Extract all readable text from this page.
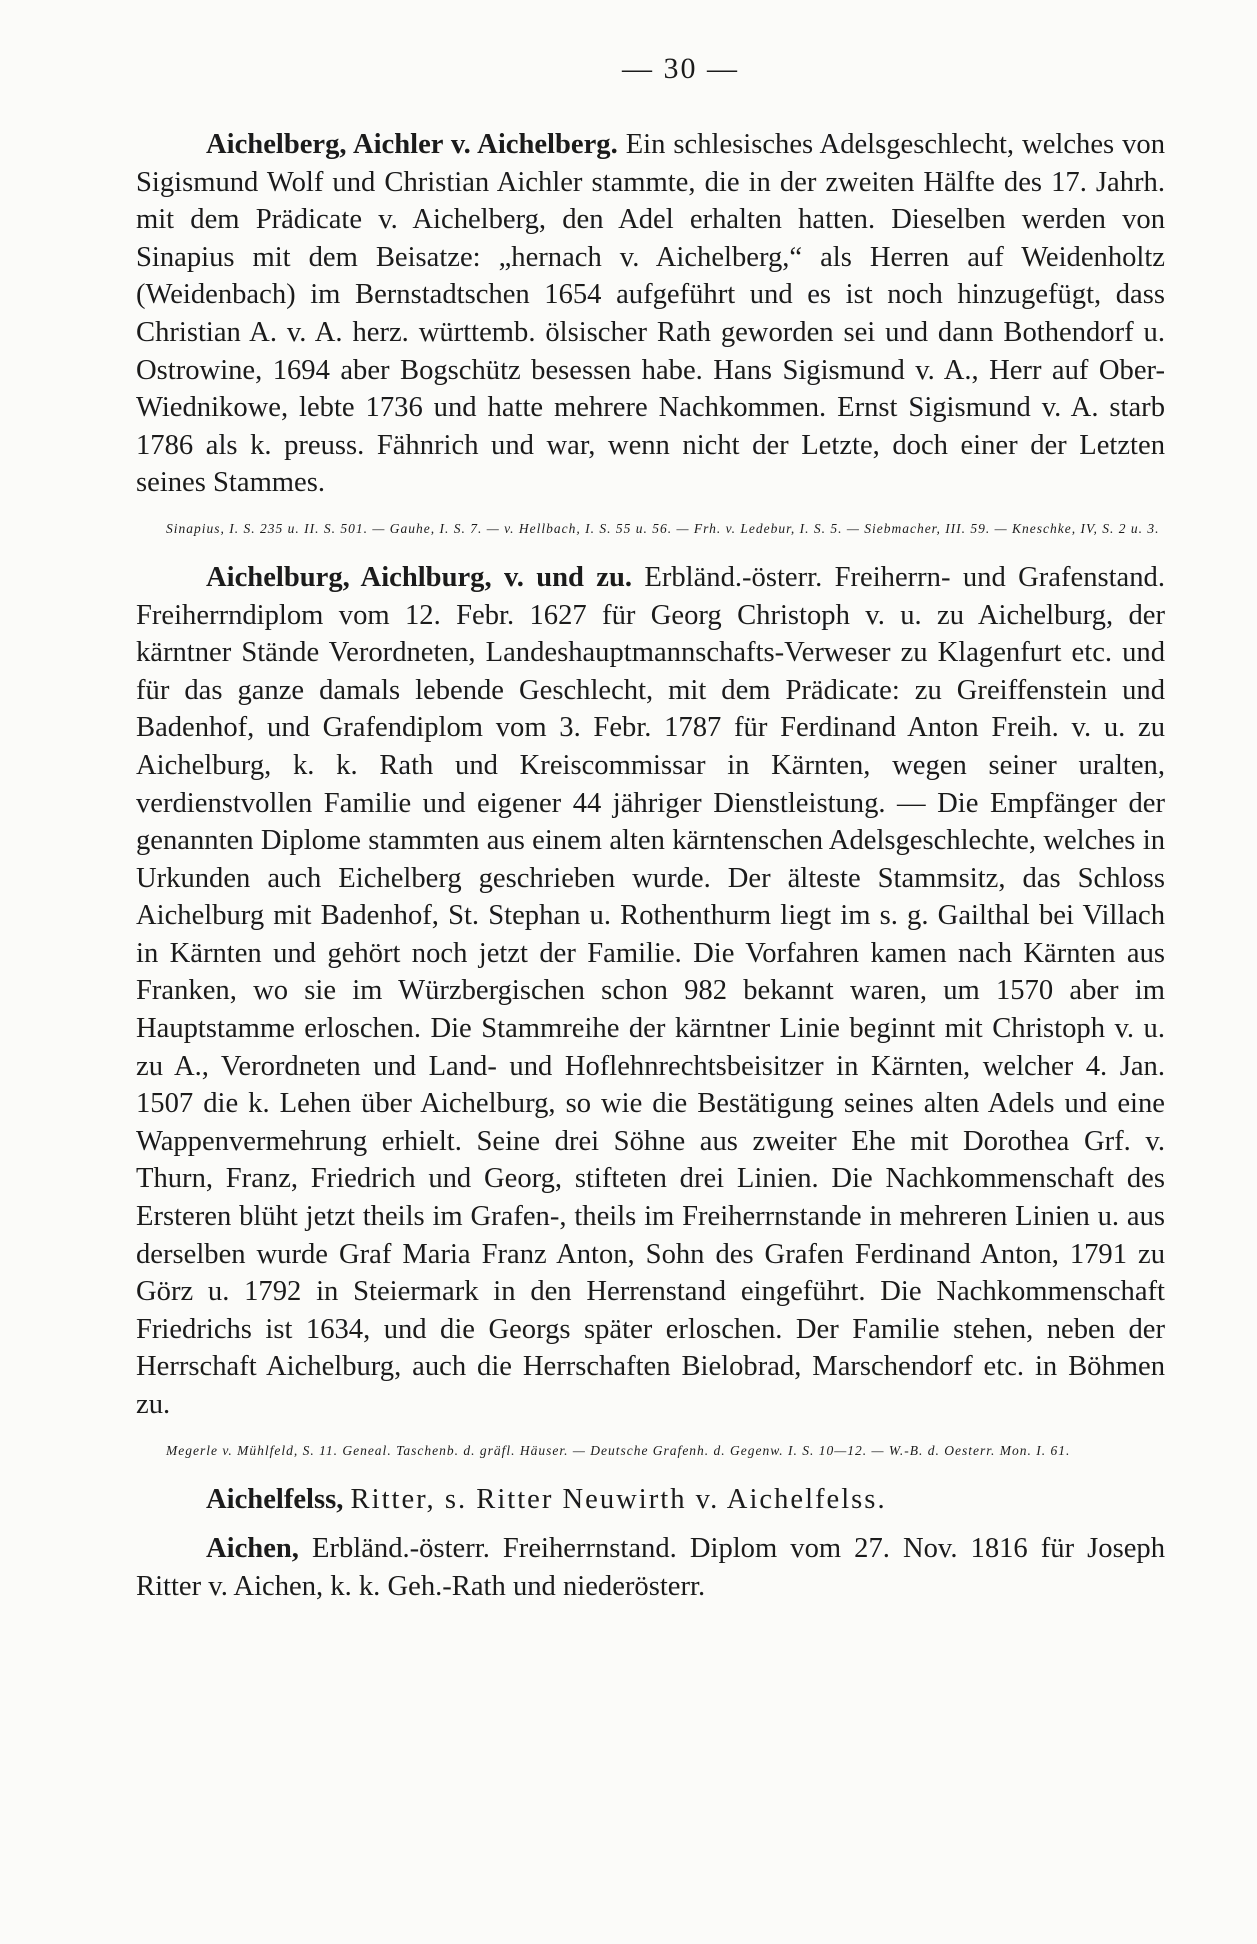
— 30 —

Aichelberg, Aichler v. Aichelberg. Ein schlesisches Adelsgeschlecht, welches von Sigismund Wolf und Christian Aichler stammte, die in der zweiten Hälfte des 17. Jahrh. mit dem Prädicate v. Aichelberg, den Adel erhalten hatten. Dieselben werden von Sinapius mit dem Beisatze: „hernach v. Aichelberg,“ als Herren auf Weidenholtz (Weidenbach) im Bernstadtschen 1654 aufgeführt und es ist noch hinzugefügt, dass Christian A. v. A. herz. württemb. ölsischer Rath geworden sei und dann Bothendorf u. Ostrowine, 1694 aber Bogschütz besessen habe. Hans Sigismund v. A., Herr auf Ober-Wiednikowe, lebte 1736 und hatte mehrere Nachkommen. Ernst Sigismund v. A. starb 1786 als k. preuss. Fähnrich und war, wenn nicht der Letzte, doch einer der Letzten seines Stammes.

Sinapius, I. S. 235 u. II. S. 501. — Gauhe, I. S. 7. — v. Hellbach, I. S. 55 u. 56. — Frh. v. Ledebur, I. S. 5. — Siebmacher, III. 59. — Kneschke, IV, S. 2 u. 3.

Aichelburg, Aichlburg, v. und zu. Erbländ.-österr. Freiherrn- und Grafenstand. Freiherrndiplom vom 12. Febr. 1627 für Georg Christoph v. u. zu Aichelburg, der kärntner Stände Verordneten, Landeshauptmannschafts-Verweser zu Klagenfurt etc. und für das ganze damals lebende Geschlecht, mit dem Prädicate: zu Greiffenstein und Badenhof, und Grafendiplom vom 3. Febr. 1787 für Ferdinand Anton Freih. v. u. zu Aichelburg, k. k. Rath und Kreiscommissar in Kärnten, wegen seiner uralten, verdienstvollen Familie und eigener 44 jähriger Dienstleistung. — Die Empfänger der genannten Diplome stammten aus einem alten kärntenschen Adelsgeschlechte, welches in Urkunden auch Eichelberg geschrieben wurde. Der älteste Stammsitz, das Schloss Aichelburg mit Badenhof, St. Stephan u. Rothenthurm liegt im s. g. Gailthal bei Villach in Kärnten und gehört noch jetzt der Familie. Die Vorfahren kamen nach Kärnten aus Franken, wo sie im Würzbergischen schon 982 bekannt waren, um 1570 aber im Hauptstamme erloschen. Die Stammreihe der kärntner Linie beginnt mit Christoph v. u. zu A., Verordneten und Land- und Hoflehnrechtsbeisitzer in Kärnten, welcher 4. Jan. 1507 die k. Lehen über Aichelburg, so wie die Bestätigung seines alten Adels und eine Wappenvermehrung erhielt. Seine drei Söhne aus zweiter Ehe mit Dorothea Grf. v. Thurn, Franz, Friedrich und Georg, stifteten drei Linien. Die Nachkommenschaft des Ersteren blüht jetzt theils im Grafen-, theils im Freiherrnstande in mehreren Linien u. aus derselben wurde Graf Maria Franz Anton, Sohn des Grafen Ferdinand Anton, 1791 zu Görz u. 1792 in Steiermark in den Herrenstand eingeführt. Die Nachkommenschaft Friedrichs ist 1634, und die Georgs später erloschen. Der Familie stehen, neben der Herrschaft Aichelburg, auch die Herrschaften Bielobrad, Marschendorf etc. in Böhmen zu.

Megerle v. Mühlfeld, S. 11. Geneal. Taschenb. d. gräfl. Häuser. — Deutsche Grafenh. d. Gegenw. I. S. 10—12. — W.-B. d. Oesterr. Mon. I. 61.

Aichelfelss, Ritter, s. Ritter Neuwirth v. Aichelfelss.

Aichen, Erbländ.-österr. Freiherrnstand. Diplom vom 27. Nov. 1816 für Joseph Ritter v. Aichen, k. k. Geh.-Rath und niederösterr.
